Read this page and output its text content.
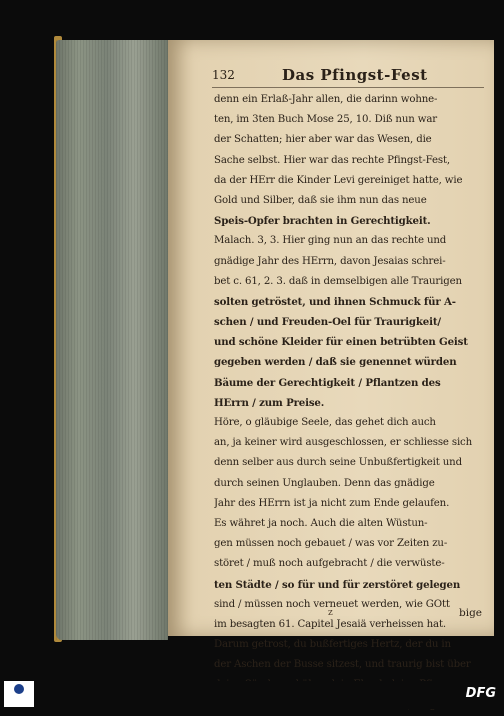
132	Das Pfingst-Fest
denn ein Erlaß-Jahr allen, die darinn wohne-
ten, im 3ten Buch Mose 25, 10. Diß nun war
der Schatten; hier aber war das Wesen, die
Sache selbst. Hier war das rechte Pfingst-Fest,
da der HErr die Kinder Levi gereiniget hatte, wie
Gold und Silber, daß sie ihm nun das neue
Speis-Opfer brachten in Gerechtigkeit.
Malach. 3, 3. Hier ging nun an das rechte und
gnädige Jahr des HErrn, davon Jesaias schrei-
bet c. 61, 2. 3. daß in demselbigen alle Traurigen
solten getröstet, und ihnen Schmuck für A-
schen / und Freuden-Oel für Traurigkeit/
und schöne Kleider für einen betrübten Geist
gegeben werden / daß sie genennet würden
Bäume der Gerechtigkeit / Pflantzen des
HErrn / zum Preise.
Höre, o gläubige Seele, das gehet dich auch
an, ja keiner wird ausgeschlossen, er schliesse sich
denn selber aus durch seine Unbußfertigkeit und
durch seinen Unglauben. Denn das gnädige
Jahr des HErrn ist ja nicht zum Ende gelaufen.
Es währet ja noch. Auch die alten Wüstun-
gen müssen noch gebauet / was vor Zeiten zu-
störet / muß noch aufgebracht / die verwüste-
ten Städte / so für und für zerstöret gelegen
sind / müssen noch verneuet werden, wie GOtt
im besagten 61. Capitel Jesaiä verheissen hat.
Darum getrost, du bußfertiges Hertz, der du in
der Aschen der Busse sitzest, und traurig bist über
z	bige
DFG
